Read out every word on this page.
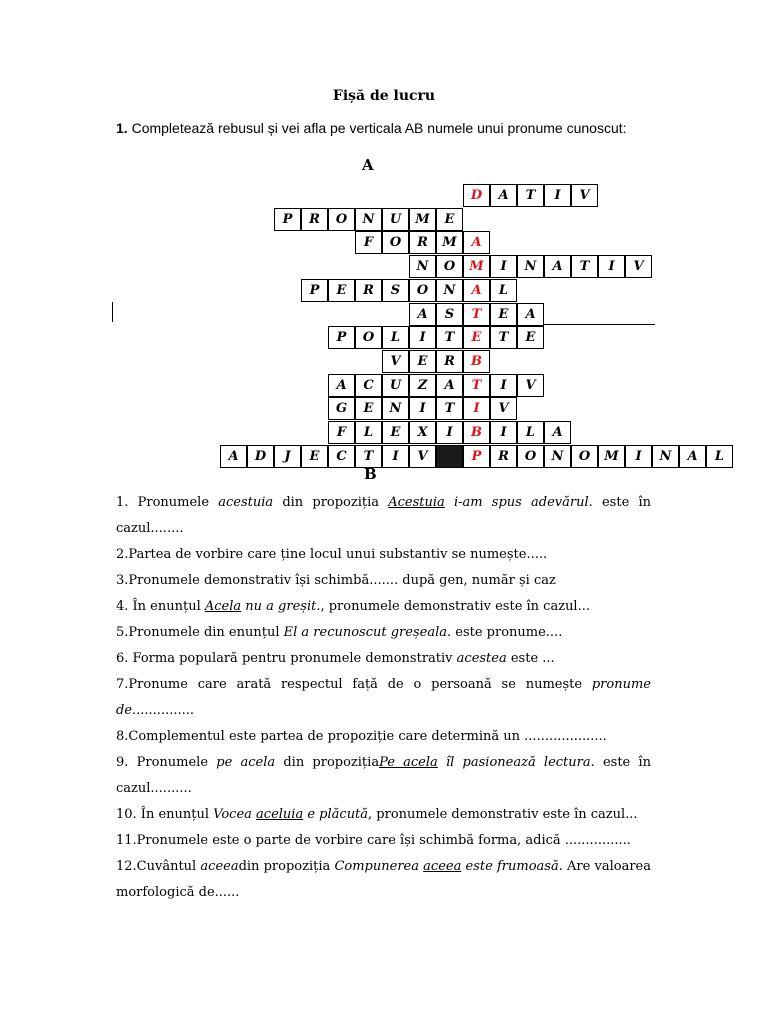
Fișă de lucru
1. Completează rebusul și vei afla pe verticala AB numele unui pronume cunoscut:
A
D	A	T	I	V
P	R	O	N	U	M	E
F	O	R	M	A
N	O	M	I	N	A	T	I	V
P	E	R	S	O	N	A	L
A	S	T	E	A
P	O	L	I	T	E	T	E
V	E	R	B
A	C	U	Z	A	T	I	V
G	E	N	I	T	I	V
F	L	E	X	I	B	I	L	A
A	D	J	E	C	T	I	V	P	R	O	N	O	M	I	N	A	L
B

1. Pronumele acestuia din propoziția Acestuia i-am spus adevărul. este în cazul........

2.Partea de vorbire care ține locul unui substantiv se numește.....

3.Pronumele demonstrativ își schimbă....... după gen, număr și caz

4. În enunțul Acela nu a greșit., pronumele demonstrativ este în cazul...

5.Pronumele din enunțul El a recunoscut greșeala. este pronume....

6. Forma populară pentru pronumele demonstrativ acestea este ...

7.Pronume care arată respectul față de o persoană se numește pronume de...............

8.Complementul este partea de propoziție care determină un ....................

9. Pronumele pe acela din propozițiaPe acela îl pasionează lectura. este în cazul..........

10. În enunțul Vocea aceluia e plăcută, pronumele demonstrativ este în cazul...

11.Pronumele este o parte de vorbire care își schimbă forma, adică ................

12.Cuvântul aceeadin propoziția Compunerea aceea este frumoasă. Are valoarea morfologică de......
